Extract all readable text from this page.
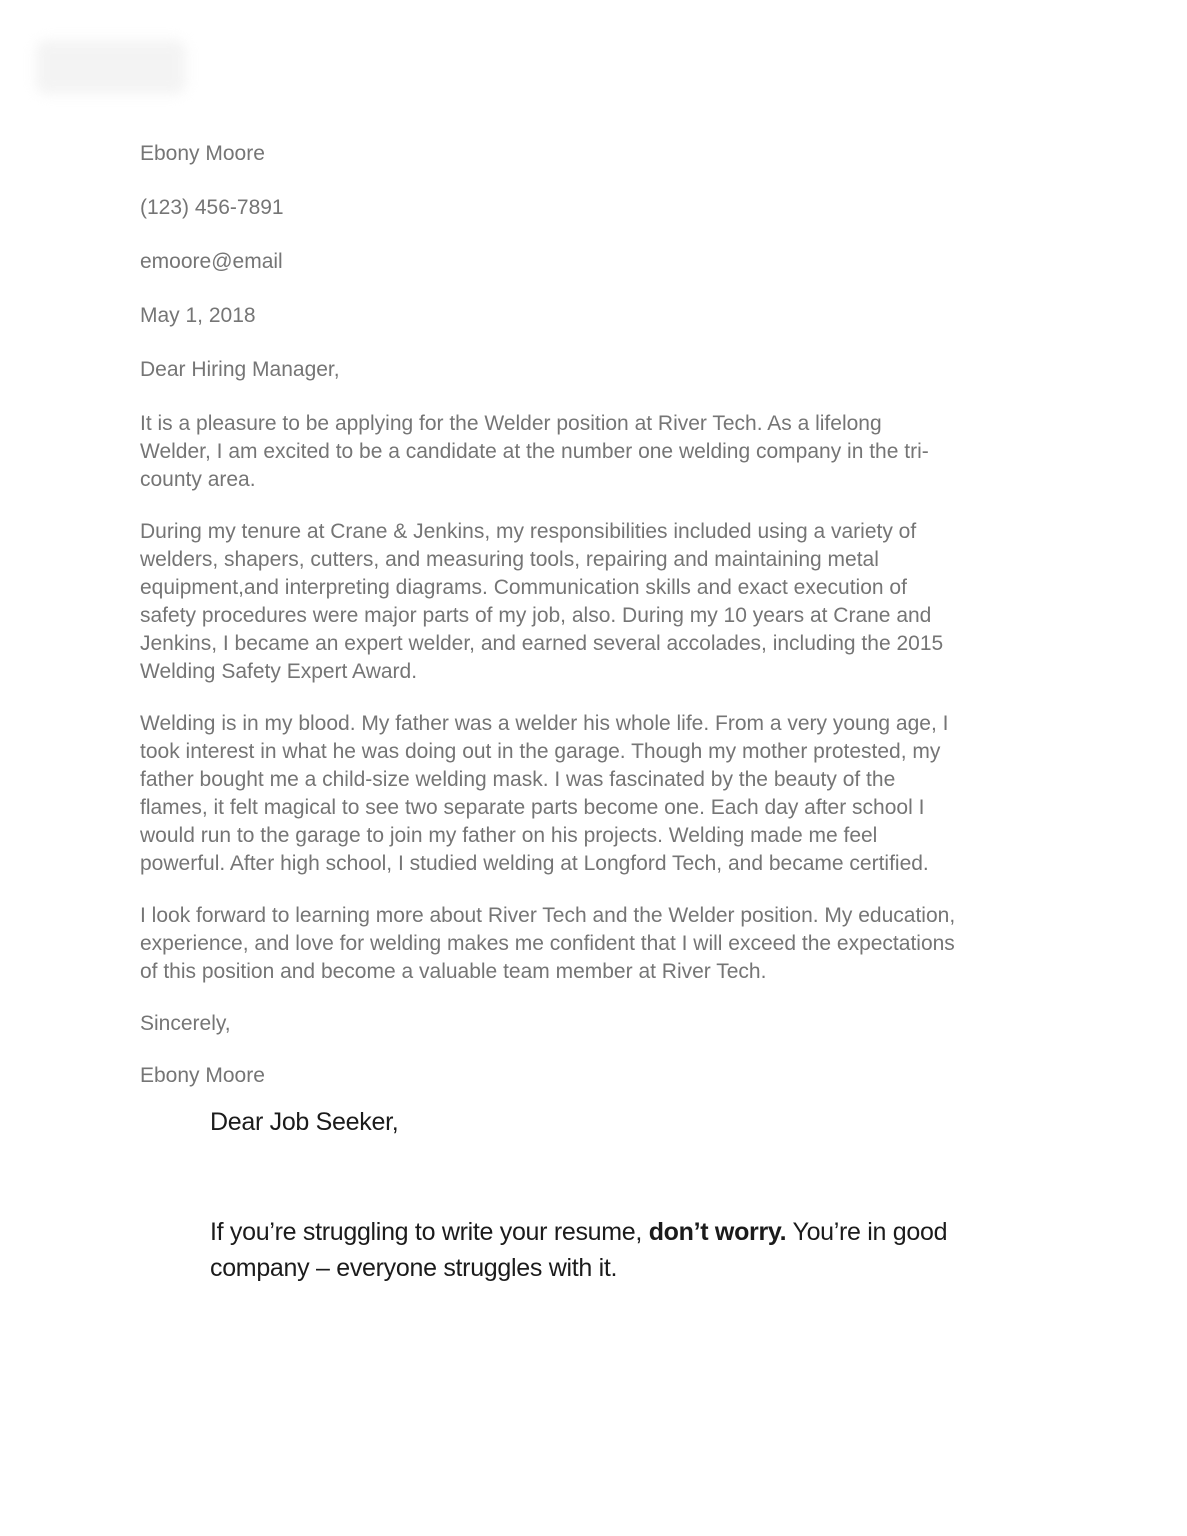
Ebony Moore

(123) 456-7891

emoore@email

May 1, 2018

Dear Hiring Manager,

It is a pleasure to be applying for the Welder position at River Tech. As a lifelong
Welder, I am excited to be a candidate at the number one welding company in the tri-
county area.
During my tenure at Crane & Jenkins, my responsibilities included using a variety of
welders, shapers, cutters, and measuring tools, repairing and maintaining metal
equipment,and interpreting diagrams. Communication skills and exact execution of
safety procedures were major parts of my job, also. During my 10 years at Crane and
Jenkins, I became an expert welder, and earned several accolades, including the 2015
Welding Safety Expert Award.
Welding is in my blood. My father was a welder his whole life. From a very young age, I
took interest in what he was doing out in the garage. Though my mother protested, my
father bought me a child-size welding mask. I was fascinated by the beauty of the
flames, it felt magical to see two separate parts become one. Each day after school I
would run to the garage to join my father on his projects. Welding made me feel
powerful. After high school, I studied welding at Longford Tech, and became certified.
I look forward to learning more about River Tech and the Welder position. My education,
experience, and love for welding makes me confident that I will exceed the expectations
of this position and become a valuable team member at River Tech.

Sincerely,

Ebony Moore

Dear Job Seeker,

If you’re struggling to write your resume, don’t worry. You’re in good
company – everyone struggles with it.
